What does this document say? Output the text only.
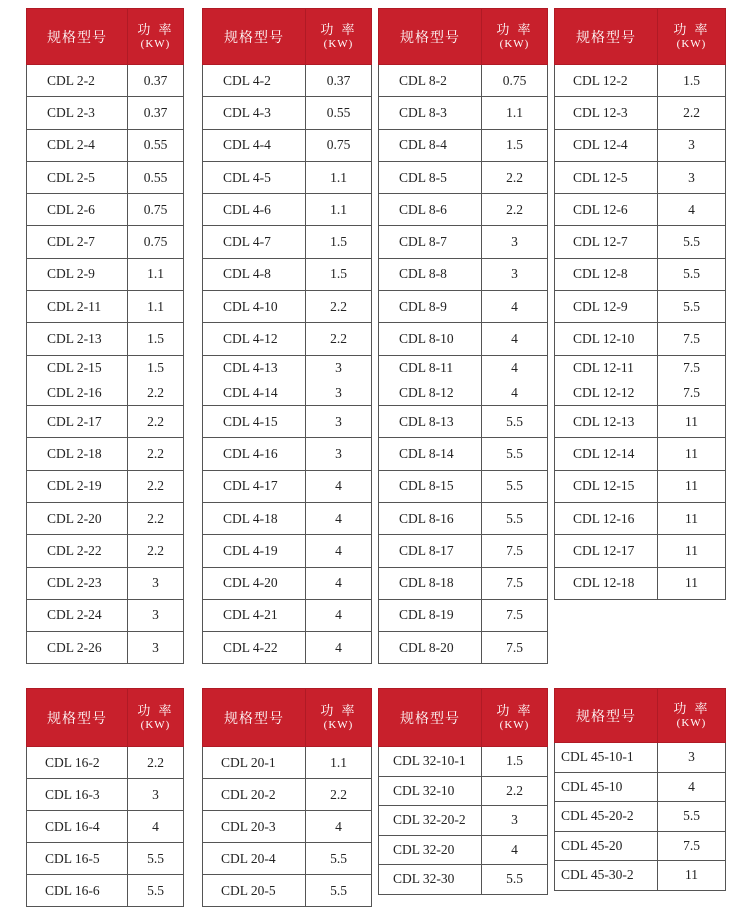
规格型号	功 率
(KW)

CDL 2-2	0.37
CDL 2-3	0.37
CDL 2-4	0.55
CDL 2-5	0.55
CDL 2-6	0.75
CDL 2-7	0.75
CDL 2-9	1.1
CDL 2-11	1.1
CDL 2-13	1.5
CDL 2-15	1.5
CDL 2-16	2.2
CDL 2-17	2.2
CDL 2-18	2.2
CDL 2-19	2.2
CDL 2-20	2.2
CDL 2-22	2.2
CDL 2-23	3
CDL 2-24	3
CDL 2-26	3
规格型号	功 率
(KW)

CDL 4-2	0.37
CDL 4-3	0.55
CDL 4-4	0.75
CDL 4-5	1.1
CDL 4-6	1.1
CDL 4-7	1.5
CDL 4-8	1.5
CDL 4-10	2.2
CDL 4-12	2.2
CDL 4-13	3
CDL 4-14	3
CDL 4-15	3
CDL 4-16	3
CDL 4-17	4
CDL 4-18	4
CDL 4-19	4
CDL 4-20	4
CDL 4-21	4
CDL 4-22	4
规格型号	功 率
(KW)

CDL 8-2	0.75
CDL 8-3	1.1
CDL 8-4	1.5
CDL 8-5	2.2
CDL 8-6	2.2
CDL 8-7	3
CDL 8-8	3
CDL 8-9	4
CDL 8-10	4
CDL 8-11	4
CDL 8-12	4
CDL 8-13	5.5
CDL 8-14	5.5
CDL 8-15	5.5
CDL 8-16	5.5
CDL 8-17	7.5
CDL 8-18	7.5
CDL 8-19	7.5
CDL 8-20	7.5
规格型号	功 率
(KW)

CDL 12-2	1.5
CDL 12-3	2.2
CDL 12-4	3
CDL 12-5	3
CDL 12-6	4
CDL 12-7	5.5
CDL 12-8	5.5
CDL 12-9	5.5
CDL 12-10	7.5
CDL 12-11	7.5
CDL 12-12	7.5
CDL 12-13	11
CDL 12-14	11
CDL 12-15	11
CDL 12-16	11
CDL 12-17	11
CDL 12-18	11
规格型号	功 率
(KW)

CDL 16-2	2.2
CDL 16-3	3
CDL 16-4	4
CDL 16-5	5.5
CDL 16-6	5.5
规格型号	功 率
(KW)

CDL 20-1	1.1
CDL 20-2	2.2
CDL 20-3	4
CDL 20-4	5.5
CDL 20-5	5.5
规格型号	功 率
(KW)

CDL 32-10-1	1.5
CDL 32-10	2.2
CDL 32-20-2	3
CDL 32-20	4
CDL 32-30	5.5
规格型号	功 率
(KW)

CDL 45-10-1	3
CDL 45-10	4
CDL 45-20-2	5.5
CDL 45-20	7.5
CDL 45-30-2	11
